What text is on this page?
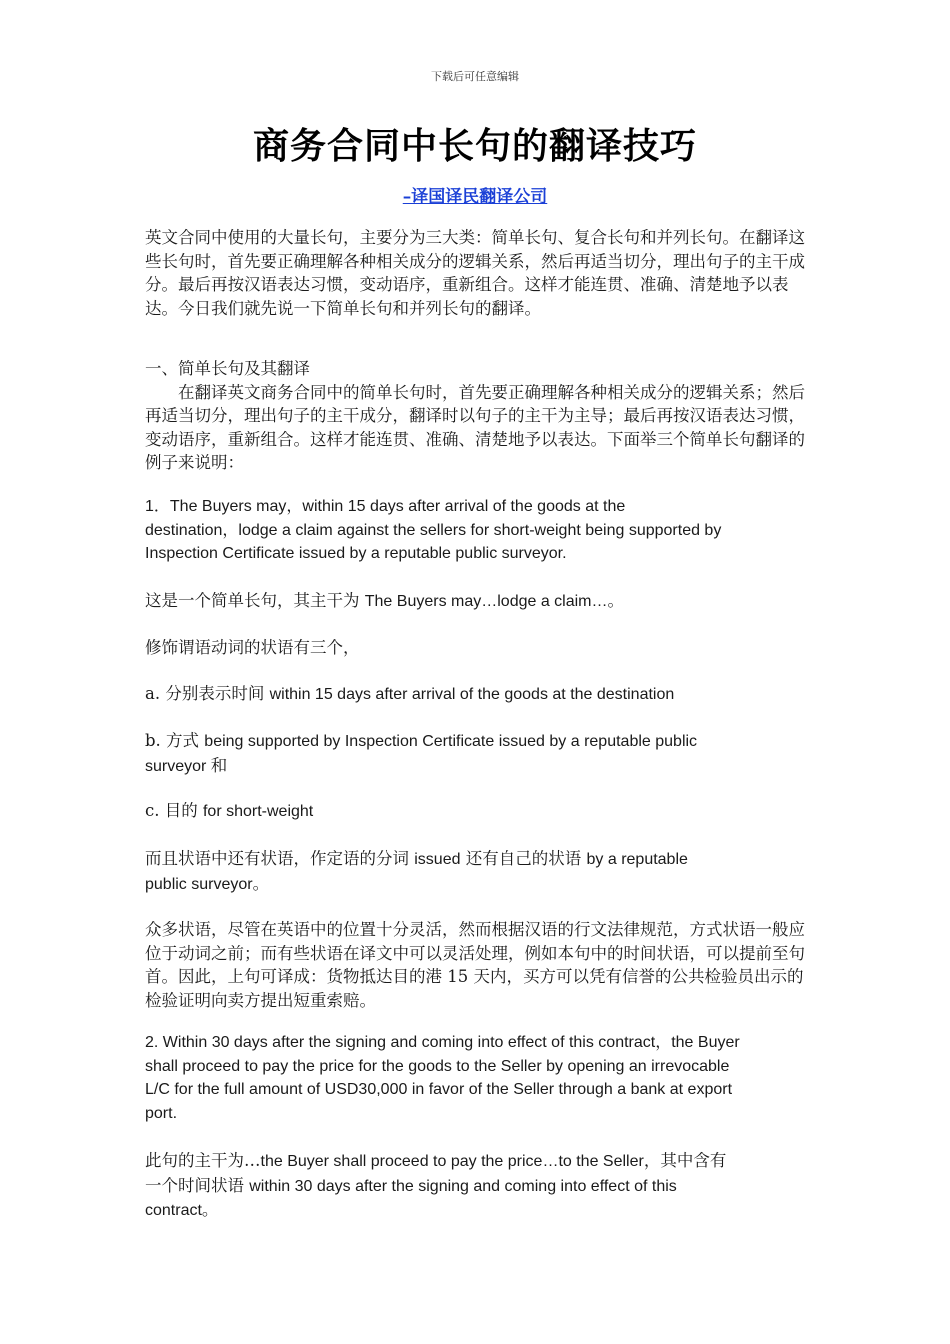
下载后可任意编辑
商务合同中长句的翻译技巧
–译国译民翻译公司

英文合同中使用的大量长句，主要分为三大类：简单长句、复合长句和并列长句。在翻译这些长句时，首先要正确理解各种相关成分的逻辑关系，然后再适当切分，理出句子的主干成分。最后再按汉语表达习惯，变动语序，重新组合。这样才能连贯、准确、清楚地予以表达。今日我们就先说一下简单长句和并列长句的翻译。

一、简单长句及其翻译

在翻译英文商务合同中的简单长句时，首先要正确理解各种相关成分的逻辑关系；然后再适当切分，理出句子的主干成分，翻译时以句子的主干为主导；最后再按汉语表达习惯，变动语序，重新组合。这样才能连贯、准确、清楚地予以表达。下面举三个简单长句翻译的例子来说明：

1．The Buyers may，within 15 days after arrival of the goods at the

destination，lodge a claim against the sellers for short-weight being supported by

Inspection Certificate issued by a reputable public surveyor.

这是一个简单长句，其主干为 The Buyers may…lodge a claim…。

修饰谓语动词的状语有三个，

a. 分别表示时间 within 15 days after arrival of the goods at the destination

b. 方式 being supported by Inspection Certificate issued by a reputable public

surveyor 和

c. 目的 for short-weight

而且状语中还有状语，作定语的分词 issued 还有自己的状语 by a reputable

public surveyor。

众多状语，尽管在英语中的位置十分灵活，然而根据汉语的行文法律规范，方式状语一般应位于动词之前；而有些状语在译文中可以灵活处理，例如本句中的时间状语，可以提前至句首。因此，上句可译成：货物抵达目的港 15 天内，买方可以凭有信誉的公共检验员出示的检验证明向卖方提出短重索赔。

2. Within 30 days after the signing and coming into effect of this contract，the Buyer

shall proceed to pay the price for the goods to the Seller by opening an irrevocable

L/C for the full amount of USD30,000 in favor of the Seller through a bank at export

port.

此句的主干为…the Buyer shall proceed to pay the price…to the Seller，其中含有

一个时间状语 within 30 days after the signing and coming into effect of this

contract。
